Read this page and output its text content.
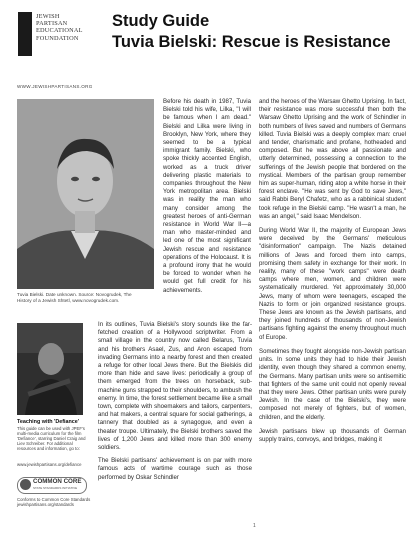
JEWISH
PARTISAN
EDUCATIONAL
FOUNDATION
WWW.JEWISHPARTISANS.ORG
Study Guide
Tuvia Bielski: Rescue is Resistance
Tuvia Bielski. Date unknown. Source: Novogrudek, The History of a Jewish Shtetl, www.novogrudek.com.
Teaching with 'Defiance'
This guide can be used with JPEF's multi-media curriculum for the film 'Defiance', starring Daniel Craig and Liev Schreiber. For additional resources and information, go to:
www.jewishpartisans.org/defiance
COMMON CORE
STATE STANDARDS INITIATIVE
Conforms to Common Core Standards jewishpartisans.org/standards

Before his death in 1987, Tuvia Bielski told his wife, Lilka, "I will be famous when I am dead." Bielski and Lilka were living in Brooklyn, New York, where they seemed to be a typical immigrant family. Bielski, who spoke thickly accented English, worked as a truck driver delivering plastic materials to companies throughout the New York metropolitan area. Bielski was in reality the man who many consider among the greatest heroes of anti-German resistance in World War II—a man who master-minded and led one of the most significant Jewish rescue and resistance operations of the Holocaust. It is a profound irony that he would be forced to wonder when he would get full credit for his achievements.

In its outlines, Tuvia Bielski's story sounds like the far-fetched creation of a Hollywood scriptwriter. From a small village in the country now called Belarus, Tuvia and his brothers Asael, Zus, and Aron escaped from invading Germans into a nearby forest and then created a refuge for other local Jews there. But the Bielskis did more than hide and save lives: periodically a group of them emerged from the trees on horseback, sub-machine guns strapped to their shoulders, to ambush the enemy. In time, the forest settlement became like a small town, complete with shoemakers and tailors, carpenters, and hat makers, a central square for social gatherings, a tannery that doubled as a synagogue, and even a theater troupe. Ultimately, the Bielski brothers saved the lives of 1,200 Jews and killed more than 300 enemy soldiers.

The Bielski partisans' achievement is on par with more famous acts of wartime courage such as those performed by Oskar Schindler

and the heroes of the Warsaw Ghetto Uprising. In fact, their resistance was more successful then both the Warsaw Ghetto Uprising and the work of Schindler in both numbers of lives saved and numbers of Germans killed. Tuvia Bielski was a deeply complex man: cruel and tender, charismatic and profane, hotheaded and composed. But he was above all passionate and utterly determined, possessing a connection to the sufferings of the Jewish people that bordered on the mystical. Members of the partisan group remember him as super-human, riding atop a white horse in their forest enclave. "He was sent by God to save Jews," said Rabbi Beryl Chafetz, who as a rabbinical student took refuge in the Bielski camp. "He wasn't a man, he was an angel," said Isaac Mendelson.

During World War II, the majority of European Jews were deceived by the Germans' meticulous "disinformation" campaign. The Nazis detained millions of Jews and forced them into camps, promising them safety in exchange for their work. In reality, many of these "work camps" were death camps where men, women, and children were systematically murdered. Yet approximately 30,000 Jews, many of whom were teenagers, escaped the Nazis to form or join organized resistance groups. These Jews are known as the Jewish partisans, and they joined hundreds of thousands of non-Jewish partisans fighting against the enemy throughout much of Europe.

Sometimes they fought alongside non-Jewish partisan units. In some units they had to hide their Jewish identity, even though they shared a common enemy, the Germans. Many partisan units were so antisemitic that fighters of the same unit could not openly reveal that they were Jews. Other partisan units were purely Jewish. In the case of the Bielski's, they were composed not merely of fighters, but of women, children, and the elderly.

Jewish partisans blew up thousands of German supply trains, convoys, and bridges, making it

1
